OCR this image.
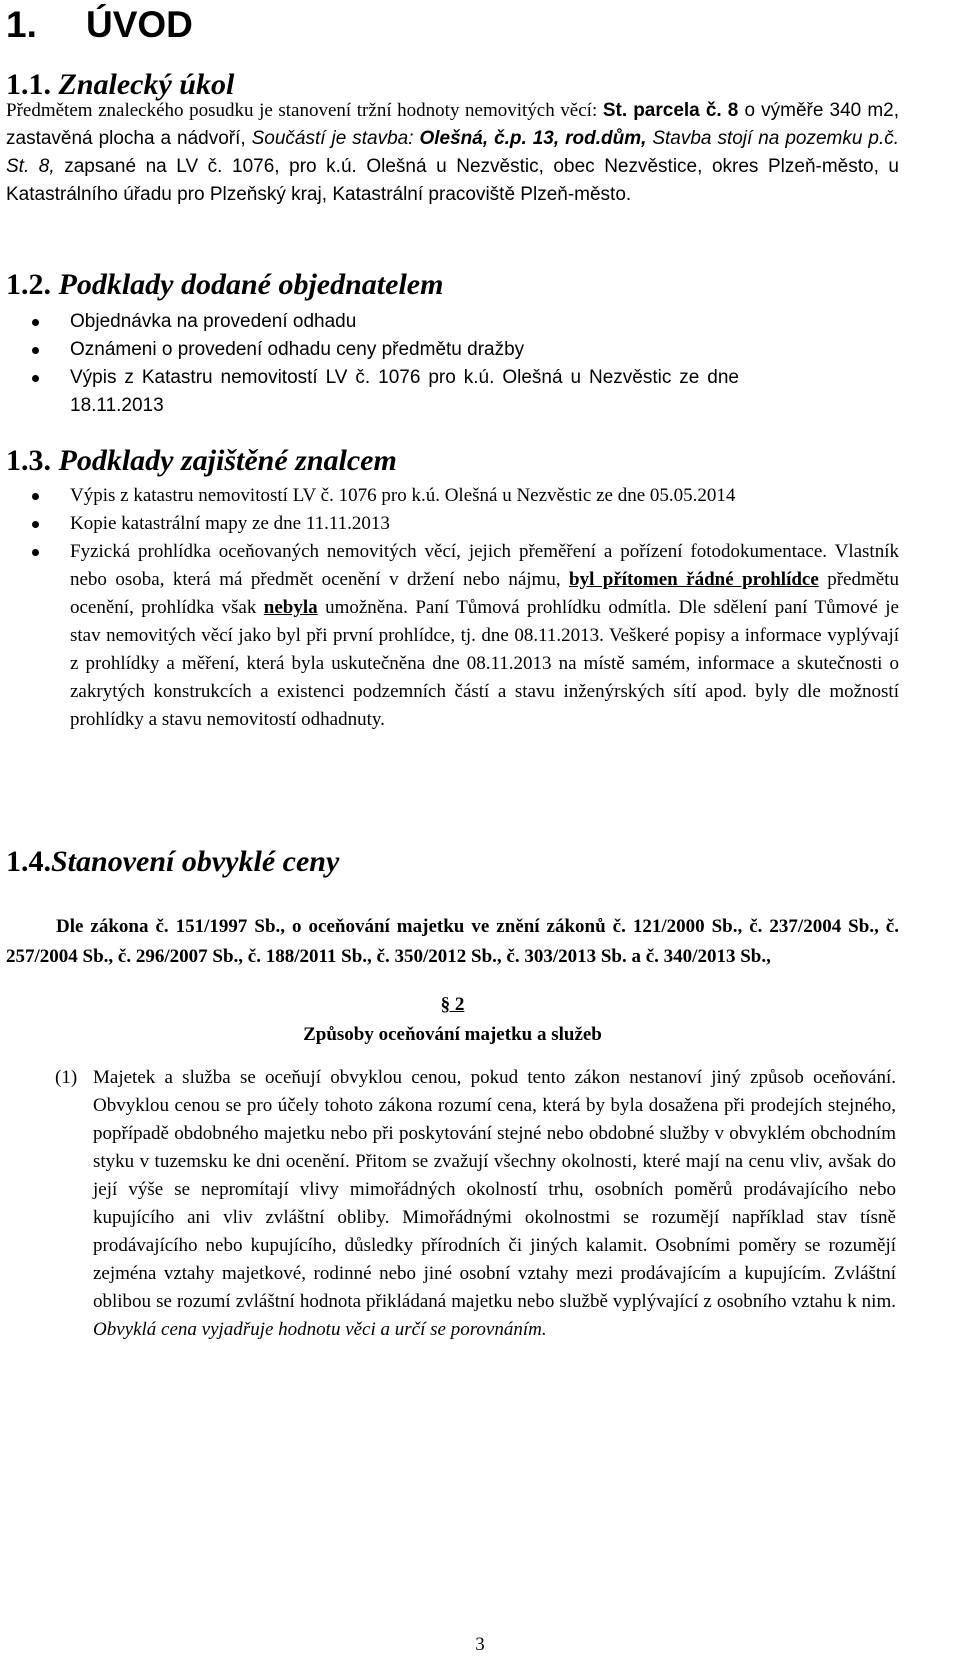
1. ÚVOD
1.1. Znalecký úkol
Předmětem znaleckého posudku je stanovení tržní hodnoty nemovitých věcí: St. parcela č. 8 o výměře 340 m2, zastavěná plocha a nádvoří, Součástí je stavba: Olešná, č.p. 13, rod.dům, Stavba stojí na pozemku p.č. St. 8, zapsané na LV č. 1076, pro k.ú. Olešná u Nezvěstic, obec Nezvěstice, okres Plzeň-město, u Katastrálního úřadu pro Plzeňský kraj, Katastrální pracoviště Plzeň-město.
1.2. Podklady dodané objednatelem
Objednávka na provedení odhadu
Oznámeni o provedení odhadu ceny předmětu dražby
Výpis z Katastru nemovitostí LV č. 1076 pro k.ú. Olešná u Nezvěstic ze dne 18.11.2013
1.3. Podklady zajištěné znalcem
Výpis z katastru nemovitostí LV č. 1076 pro k.ú. Olešná u Nezvěstic ze dne 05.05.2014
Kopie katastrální mapy ze dne 11.11.2013
Fyzická prohlídka oceňovaných nemovitých věcí, jejich přeměření a pořízení fotodokumentace. Vlastník nebo osoba, která má předmět ocenění v držení nebo nájmu, byl přítomen řádné prohlídce předmětu ocenění, prohlídka však nebyla umožněna. Paní Tůmová prohlídku odmítla. Dle sdělení paní Tůmové je stav nemovitých věcí jako byl při první prohlídce, tj. dne 08.11.2013. Veškeré popisy a informace vyplývají z prohlídky a měření, která byla uskutečněna dne 08.11.2013 na místě samém, informace a skutečnosti o zakrytých konstrukcích a existenci podzemních částí a stavu inženýrských sítí apod. byly dle možností prohlídky a stavu nemovitostí odhadnuty.
1.4.Stanovení obvyklé ceny
Dle zákona č. 151/1997 Sb., o oceňování majetku ve znění zákonů č. 121/2000 Sb., č. 237/2004 Sb., č. 257/2004 Sb., č. 296/2007 Sb., č. 188/2011 Sb., č. 350/2012 Sb., č. 303/2013 Sb. a č. 340/2013 Sb.,
§ 2
Způsoby oceňování majetku a služeb
(1) Majetek a služba se oceňují obvyklou cenou, pokud tento zákon nestanoví jiný způsob oceňování. Obvyklou cenou se pro účely tohoto zákona rozumí cena, která by byla dosažena při prodejích stejného, popřípadě obdobného majetku nebo při poskytování stejné nebo obdobné služby v obvyklém obchodním styku v tuzemsku ke dni ocenění. Přitom se zvažují všechny okolnosti, které mají na cenu vliv, avšak do její výše se nepromítají vlivy mimořádných okolností trhu, osobních poměrů prodávajícího nebo kupujícího ani vliv zvláštní obliby. Mimořádnými okolnostmi se rozumějí například stav tísně prodávajícího nebo kupujícího, důsledky přírodních či jiných kalamit. Osobními poměry se rozumějí zejména vztahy majetkové, rodinné nebo jiné osobní vztahy mezi prodávajícím a kupujícím. Zvláštní oblibou se rozumí zvláštní hodnota přikládaná majetku nebo službě vyplývající z osobního vztahu k nim. Obvyklá cena vyjadřuje hodnotu věci a určí se porovnáním.
3
